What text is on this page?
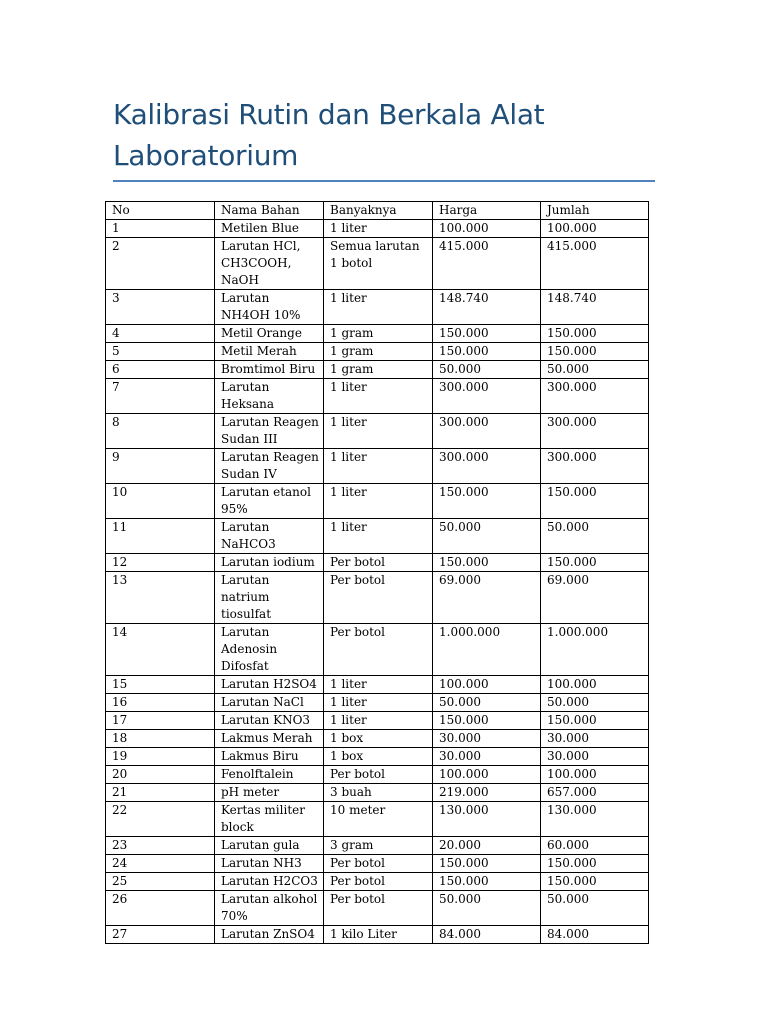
Kalibrasi Rutin dan Berkala Alat Laboratorium
No	Nama Bahan	Banyaknya	Harga	Jumlah
1	Metilen Blue	1 liter	100.000	100.000
2	Larutan HCl, CH3COOH, NaOH	Semua larutan 1 botol	415.000	415.000
3	Larutan NH4OH 10%	1 liter	148.740	148.740
4	Metil Orange	1 gram	150.000	150.000
5	Metil Merah	1 gram	150.000	150.000
6	Bromtimol Biru	1 gram	50.000	50.000
7	Larutan Heksana	1 liter	300.000	300.000
8	Larutan Reagen Sudan III	1 liter	300.000	300.000
9	Larutan Reagen Sudan IV	1 liter	300.000	300.000
10	Larutan etanol 95%	1 liter	150.000	150.000
11	Larutan NaHCO3	1 liter	50.000	50.000
12	Larutan iodium	Per botol	150.000	150.000
13	Larutan natrium tiosulfat	Per botol	69.000	69.000
14	Larutan Adenosin Difosfat	Per botol	1.000.000	1.000.000
15	Larutan H2SO4	1 liter	100.000	100.000
16	Larutan NaCl	1 liter	50.000	50.000
17	Larutan KNO3	1 liter	150.000	150.000
18	Lakmus Merah	1 box	30.000	30.000
19	Lakmus Biru	1 box	30.000	30.000
20	Fenolftalein	Per botol	100.000	100.000
21	pH meter	3 buah	219.000	657.000
22	Kertas militer block	10 meter	130.000	130.000
23	Larutan gula	3 gram	20.000	60.000
24	Larutan NH3	Per botol	150.000	150.000
25	Larutan H2CO3	Per botol	150.000	150.000
26	Larutan alkohol 70%	Per botol	50.000	50.000
27	Larutan ZnSO4	1 kilo Liter	84.000	84.000
